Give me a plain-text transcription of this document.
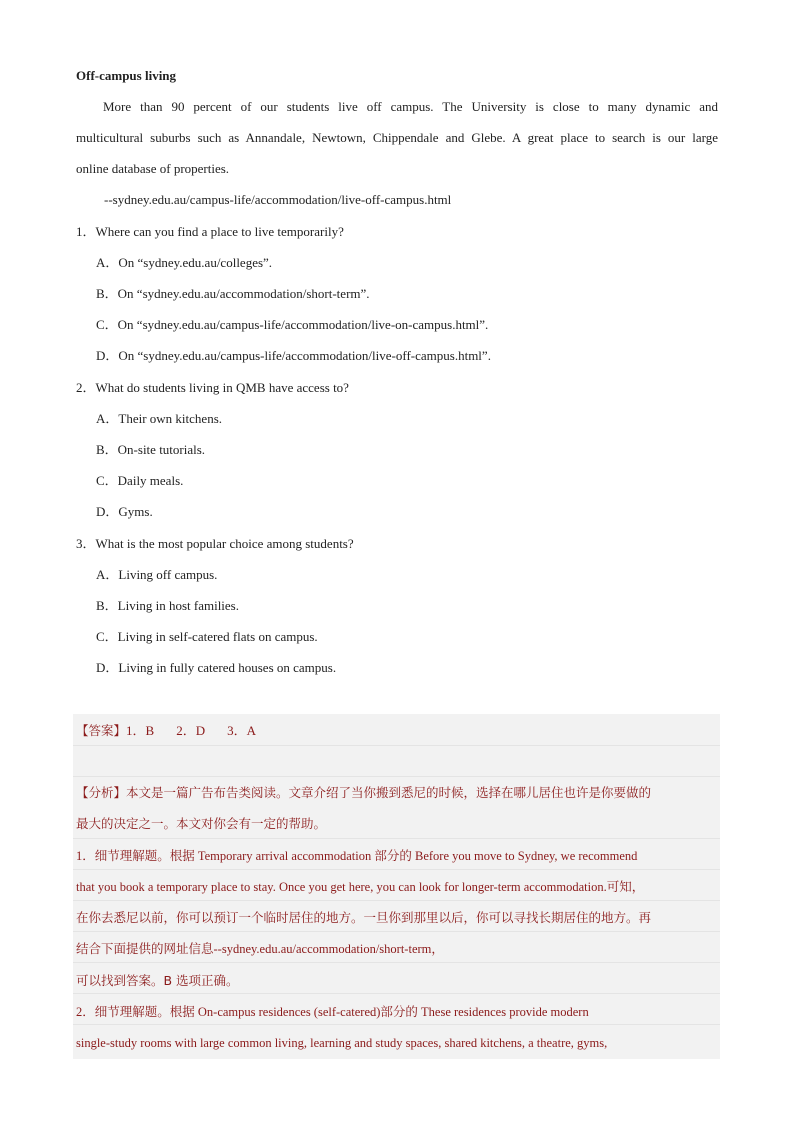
Off-campus living
More than 90 percent of our students live off campus. The University is close to many dynamic and
multicultural suburbs such as Annandale, Newtown, Chippendale and Glebe. A great place to search is our large
online database of properties.
--sydney.edu.au/campus-life/accommodation/live-off-campus.html
1．Where can you find a place to live temporarily?
A．On “sydney.edu.au/colleges”.
B．On “sydney.edu.au/accommodation/short-term”.
C．On “sydney.edu.au/campus-life/accommodation/live-on-campus.html”.
D．On “sydney.edu.au/campus-life/accommodation/live-off-campus.html”.
2．What do students living in QMB have access to?
A．Their own kitchens.
B．On-site tutorials.
C．Daily meals.
D．Gyms.
3．What is the most popular choice among students?
A．Living off campus.
B．Living in host families.
C．Living in self-catered flats on campus.
D．Living in fully catered houses on campus.
【答案】1．B 2．D 3．A
【分析】本文是一篇广告布告类阅读。文章介绍了当你搬到悉尼的时候，选择在哪儿居住也许是你要做的
最大的决定之一。本文对你会有一定的帮助。
1．细节理解题。根据 Temporary arrival accommodation 部分的 Before you move to Sydney, we recommend
that you book a temporary place to stay. Once you get here, you can look for longer-term accommodation.可知，
在你去悉尼以前，你可以预订一个临时居住的地方。一旦你到那里以后，你可以寻找长期居住的地方。再
结合下面提供的网址信息--sydney.edu.au/accommodation/short-term，
可以找到答案。B 选项正确。
2．细节理解题。根据 On-campus residences (self-catered)部分的 These residences provide modern
single-study rooms with large common living, learning and study spaces, shared kitchens, a theatre, gyms,
